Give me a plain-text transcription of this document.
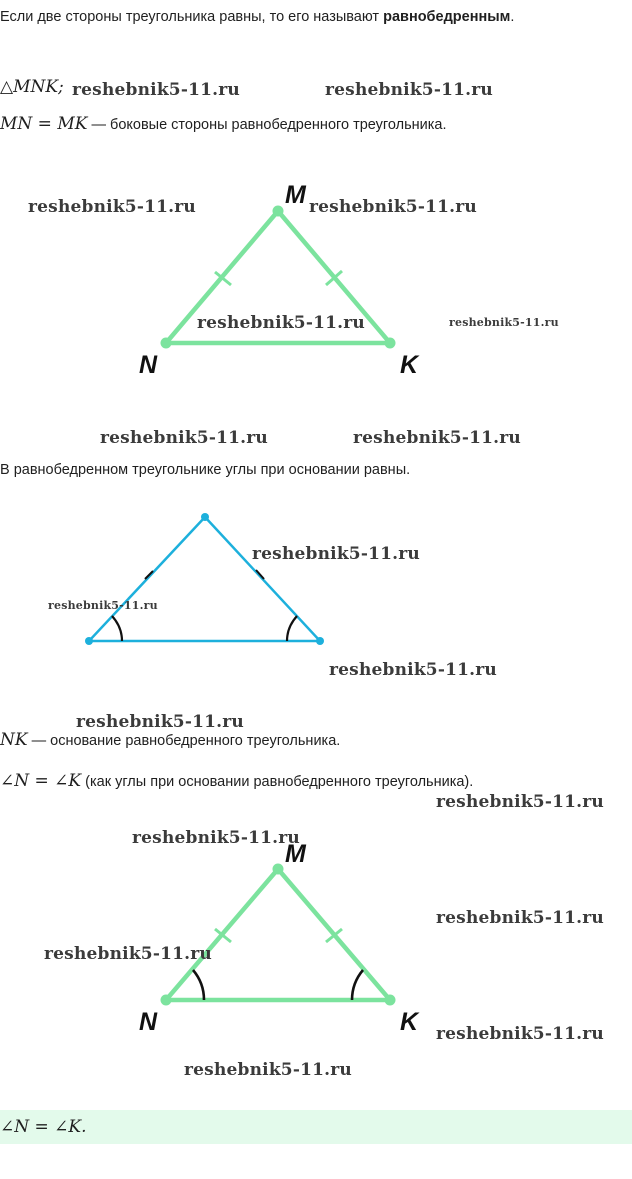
Если две стороны треугольника равны, то его называют равнобедренным.
△MNK;
MN = MK — боковые стороны равнобедренного треугольника.
В равнобедренном треугольнике углы при основании равны.
NK — основание равнобедренного треугольника.
∠N = ∠K (как углы при основании равнобедренного треугольника).
M
N	K
M
N	K
reshebnik5-11.ru	reshebnik5-11.ru
reshebnik5-11.ru	reshebnik5-11.ru
reshebnik5-11.ru	reshebnik5-11.ru
reshebnik5-11.ru	reshebnik5-11.ru
reshebnik5-11.ru
reshebnik5-11.ru
reshebnik5-11.ru
reshebnik5-11.ru
reshebnik5-11.ru
reshebnik5-11.ru
reshebnik5-11.ru
reshebnik5-11.ru
reshebnik5-11.ru
reshebnik5-11.ru
∠N = ∠K.
